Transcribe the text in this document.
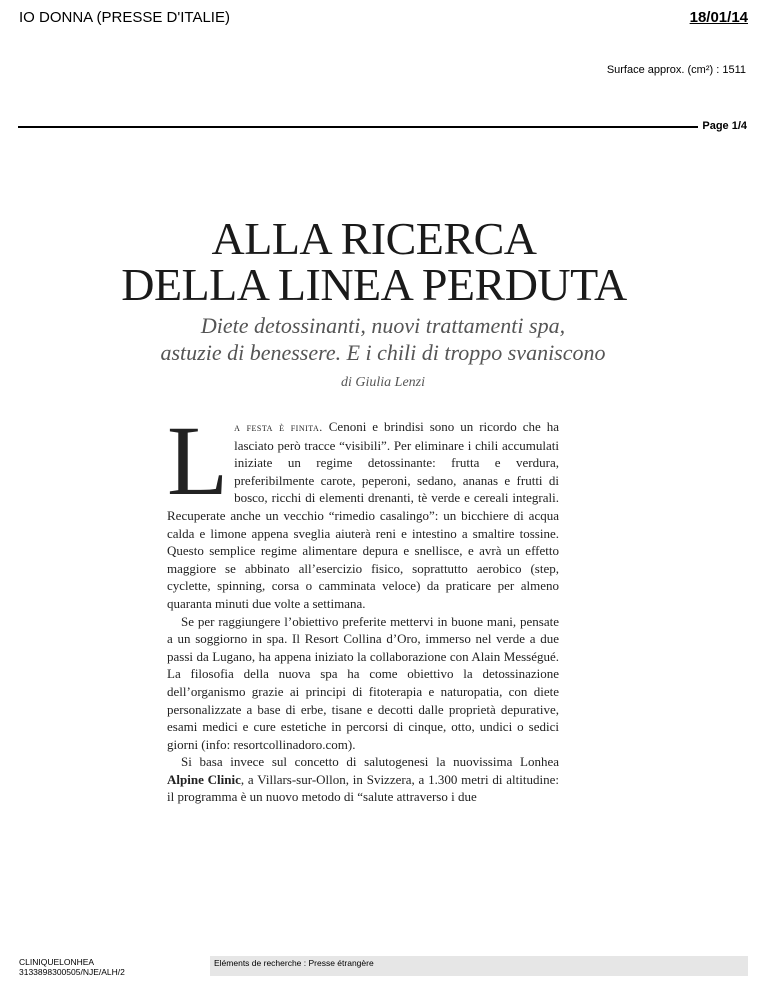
IO DONNA (PRESSE D'ITALIE)	18/01/14
Surface approx. (cm²) : 1511
Page 1/4
ALLA RICERCA
DELLA LINEA PERDUTA
Diete detossinanti, nuovi trattamenti spa,
astuzie di benessere. E i chili di troppo svaniscono
di Giulia Lenzi
L a festa è finita. Cenoni e brindisi sono un ricordo che ha lasciato però tracce “visibili”. Per eliminare i chili accumulati iniziate un regime detossinante: frutta e verdura, preferibilmente carote, peperoni, sedano, ananas e frutti di bosco, ricchi di elementi drenanti, tè verde e cereali integrali. Recuperate anche un vecchio “rimedio casalingo”: un bicchiere di acqua calda e limone appena sveglia aiuterà reni e intestino a smaltire tossine. Questo semplice regime alimentare depura e snellisce, e avrà un effetto maggiore se abbinato all’esercizio fisico, soprattutto aerobico (step, cyclette, spinning, corsa o camminata veloce) da praticare per almeno quaranta minuti due volte a settimana.

Se per raggiungere l’obiettivo preferite mettervi in buone mani, pensate a un soggiorno in spa. Il Resort Collina d’Oro, immerso nel verde a due passi da Lugano, ha appena iniziato la collaborazione con Alain Mességué. La filosofia della nuova spa ha come obiettivo la detossinazione dell’organismo grazie ai principi di fitoterapia e naturopatia, con diete personalizzate a base di erbe, tisane e decotti dalle proprietà depurative, esami medici e cure estetiche in percorsi di cinque, otto, undici o sedici giorni (info: resortcollinadoro.com).

Si basa invece sul concetto di salutogenesi la nuovissima Lonhea Alpine Clinic, a Villars-sur-Ollon, in Svizzera, a 1.300 metri di altitudine: il programma è un nuovo metodo di “salute attraverso i due

CLINIQUELONHEA
3133898300505/NJE/ALH/2
Eléments de recherche : Presse étrangère
